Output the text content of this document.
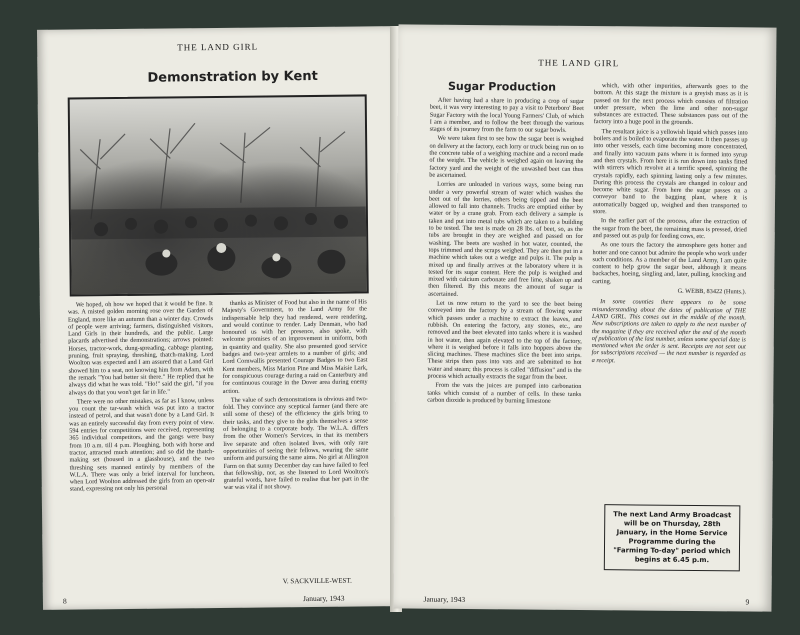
THE LAND GIRL
Demonstration by Kent

We hoped, oh how we hoped that it would be fine. It was. A misted golden morning rose over the Garden of England, more like an autumn than a winter day. Crowds of people were arriving; farmers, distinguished visitors, Land Girls in their hundreds, and the public. Large placards advertised the demonstrations; arrows pointed: Horses, tractor-work, dung-spreading, cabbage planting, pruning, fruit spraying, threshing, thatch-making. Lord Woolton was expected and I am assured that a Land Girl showed him to a seat, not knowing him from Adam, with the remark "You had better sit there." He replied that he always did what he was told. "Ho!" said the girl, "if you always do that you won't get far in life."

There were no other mistakes, as far as I know, unless you count the tar-wash which was put into a tractor instead of petrol, and that wasn't done by a Land Girl. It was an entirely successful day from every point of view. 594 entries for competitions were received, representing 365 individual competitors, and the gangs were busy from 10 a.m. till 4 p.m. Ploughing, both with horse and tractor, attracted much attention; and so did the thatch-making set (housed in a glasshouse), and the two threshing sets manned entirely by members of the W.L.A. There was only a brief interval for luncheon, when Lord Woolton addressed the girls from an open-air stand, expressing not only his personal

thanks as Minister of Food but also in the name of His Majesty's Government, to the Land Army for the indispensable help they had rendered, were rendering, and would continue to render. Lady Denman, who had honoured us with her presence, also spoke, with welcome promises of an improvement in uniform, both in quantity and quality. She also presented good service badges and two-year armlets to a number of girls; and Lord Cornwallis presented Courage Badges to two East Kent members, Miss Marion Pine and Miss Maisie Lark, for conspicuous courage during a raid on Canterbury and for continuous courage in the Dover area during enemy action.

The value of such demonstrations is obvious and two-fold. They convince any sceptical farmer (and there are still some of these) of the efficiency the girls bring to their tasks, and they give to the girls themselves a sense of belonging to a corporate body. The W.L.A. differs from the other Women's Services, in that its members live separate and often isolated lives, with only rare opportunities of seeing their fellows, wearing the same uniform and pursuing the same aims. No girl at Allington Farm on that sunny December day can have failed to feel that fellowship, nor, as she listened to Lord Woolton's grateful words, have failed to realise that her part in the war was vital if not showy.

V. SACKVILLE-WEST.
8	January, 1943
THE LAND GIRL
Sugar Production

After having had a share in producing a crop of sugar beet, it was very interesting to pay a visit to Peterboro' Beet Sugar Factory with the local Young Farmers' Club, of which I am a member, and to follow the beet through the various stages of its journey from the farm to our sugar bowls.

We were taken first to see how the sugar beet is weighed on delivery at the factory, each lorry or truck being run on to the concrete table of a weighing machine and a record made of the weight. The vehicle is weighed again on leaving the factory yard and the weight of the unwashed beet can thus be ascertained.

Lorries are unloaded in various ways, some being run under a very powerful stream of water which washes the beet out of the lorries, others being tipped and the beet allowed to fall into channels. Trucks are emptied either by water or by a crane grab. From each delivery a sample is taken and put into metal tubs which are taken to a building to be tested. The test is made on 28 lbs. of beet, so, as the tubs are brought in they are weighed and passed on for washing. The beets are washed in hot water, counted, the tops trimmed and the scraps weighed. They are then put in a machine which takes out a wedge and pulps it. The pulp is mixed up and finally arrives at the laboratory where it is tested for its sugar content. Here the pulp is weighed and mixed with calcium carbonate and free lime, shaken up and then filtered. By this means the amount of sugar is ascertained.

Let us now return to the yard to see the beet being conveyed into the factory by a stream of flowing water which passes under a machine to extract the leaves, and rubbish. On entering the factory, any stones, etc., are removed and the beet elevated into tanks where it is washed in hot water, then again elevated to the top of the factory, where it is weighed before it falls into hoppers above the slicing machines. These machines slice the beet into strips. These strips then pass into vats and are submitted to hot water and steam; this process is called "diffusion" and is the process which actually extracts the sugar from the beet.

From the vats the juices are pumped into carbonation tanks which consist of a number of cells. In these tanks carbon dioxide is produced by burning limestone

which, with other impurities, afterwards goes to the bottom. At this stage the mixture is a greyish mass as it is passed on for the next process which consists of filtration under pressure, when the lime and other non-sugar substances are extracted. These substances pass out of the factory into a huge pool in the grounds.

The resultant juice is a yellowish liquid which passes into boilers and is boiled to evaporate the water. It then passes up into other vessels, each time becoming more concentrated, and finally into vacuum pans where it is formed into syrup and then crystals. From here it is run down into tanks fitted with stirrers which revolve at a terrific speed, spinning the crystals rapidly, each spinning lasting only a few minutes. During this process the crystals are changed in colour and become white sugar. From here the sugar passes on a conveyor band to the bagging plant, where it is automatically bagged up, weighed and then transported to store.

In the earlier part of the process, after the extraction of the sugar from the beet, the remaining mass is pressed, dried and passed out as pulp for feeding cows, etc.

As one tours the factory the atmosphere gets hotter and hotter and one cannot but admire the people who work under such conditions. As a member of the Land Army, I am quite content to help grow the sugar beet, although it means backaches, hoeing, singling and, later, pulling, knocking and carting.

G. WEBB, 83422 (Hunts.).

In some counties there appears to be some misunderstanding about the dates of publication of THE LAND GIRL. This comes out in the middle of the month. New subscriptions are taken to apply to the next number of the magazine if they are received after the end of the month of publication of the last number, unless some special date is mentioned when the order is sent. Receipts are not sent out for subscriptions received — the next number is regarded as a receipt.

The next Land Army Broadcast will be on Thursday, 28th January, in the Home Service Programme during the "Farming To-day" period which begins at 6.45 p.m.
January, 1943	9
